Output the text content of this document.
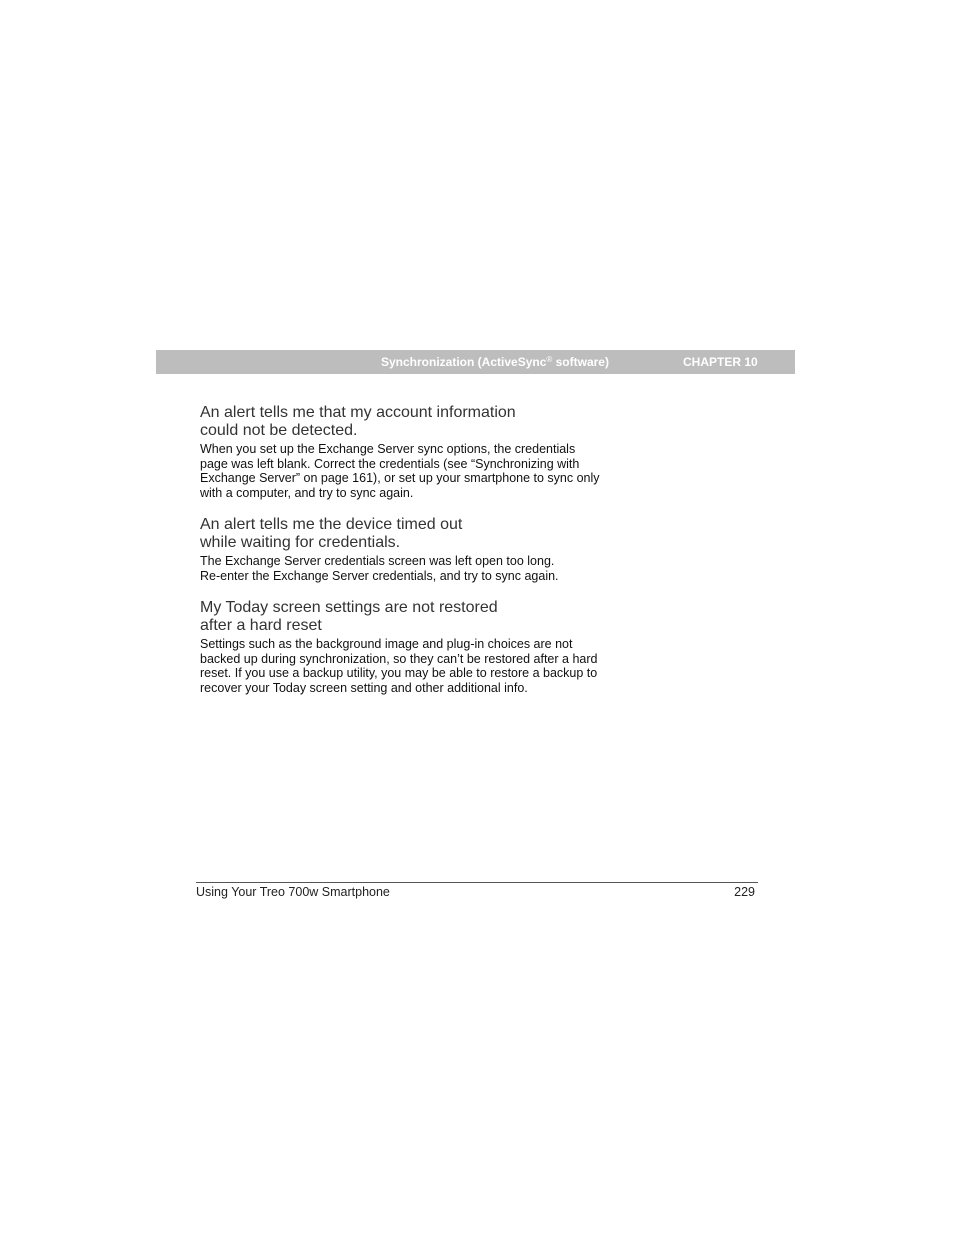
Synchronization (ActiveSync® software)	CHAPTER 10
An alert tells me that my account information
could not be detected.

When you set up the Exchange Server sync options, the credentials
page was left blank. Correct the credentials (see “Synchronizing with
Exchange Server” on page 161), or set up your smartphone to sync only
with a computer, and try to sync again.

An alert tells me the device timed out
while waiting for credentials.

The Exchange Server credentials screen was left open too long.
Re-enter the Exchange Server credentials, and try to sync again.

My Today screen settings are not restored
after a hard reset

Settings such as the background image and plug-in choices are not
backed up during synchronization, so they can’t be restored after a hard
reset. If you use a backup utility, you may be able to restore a backup to
recover your Today screen setting and other additional info.

Using Your Treo 700w Smartphone	229
